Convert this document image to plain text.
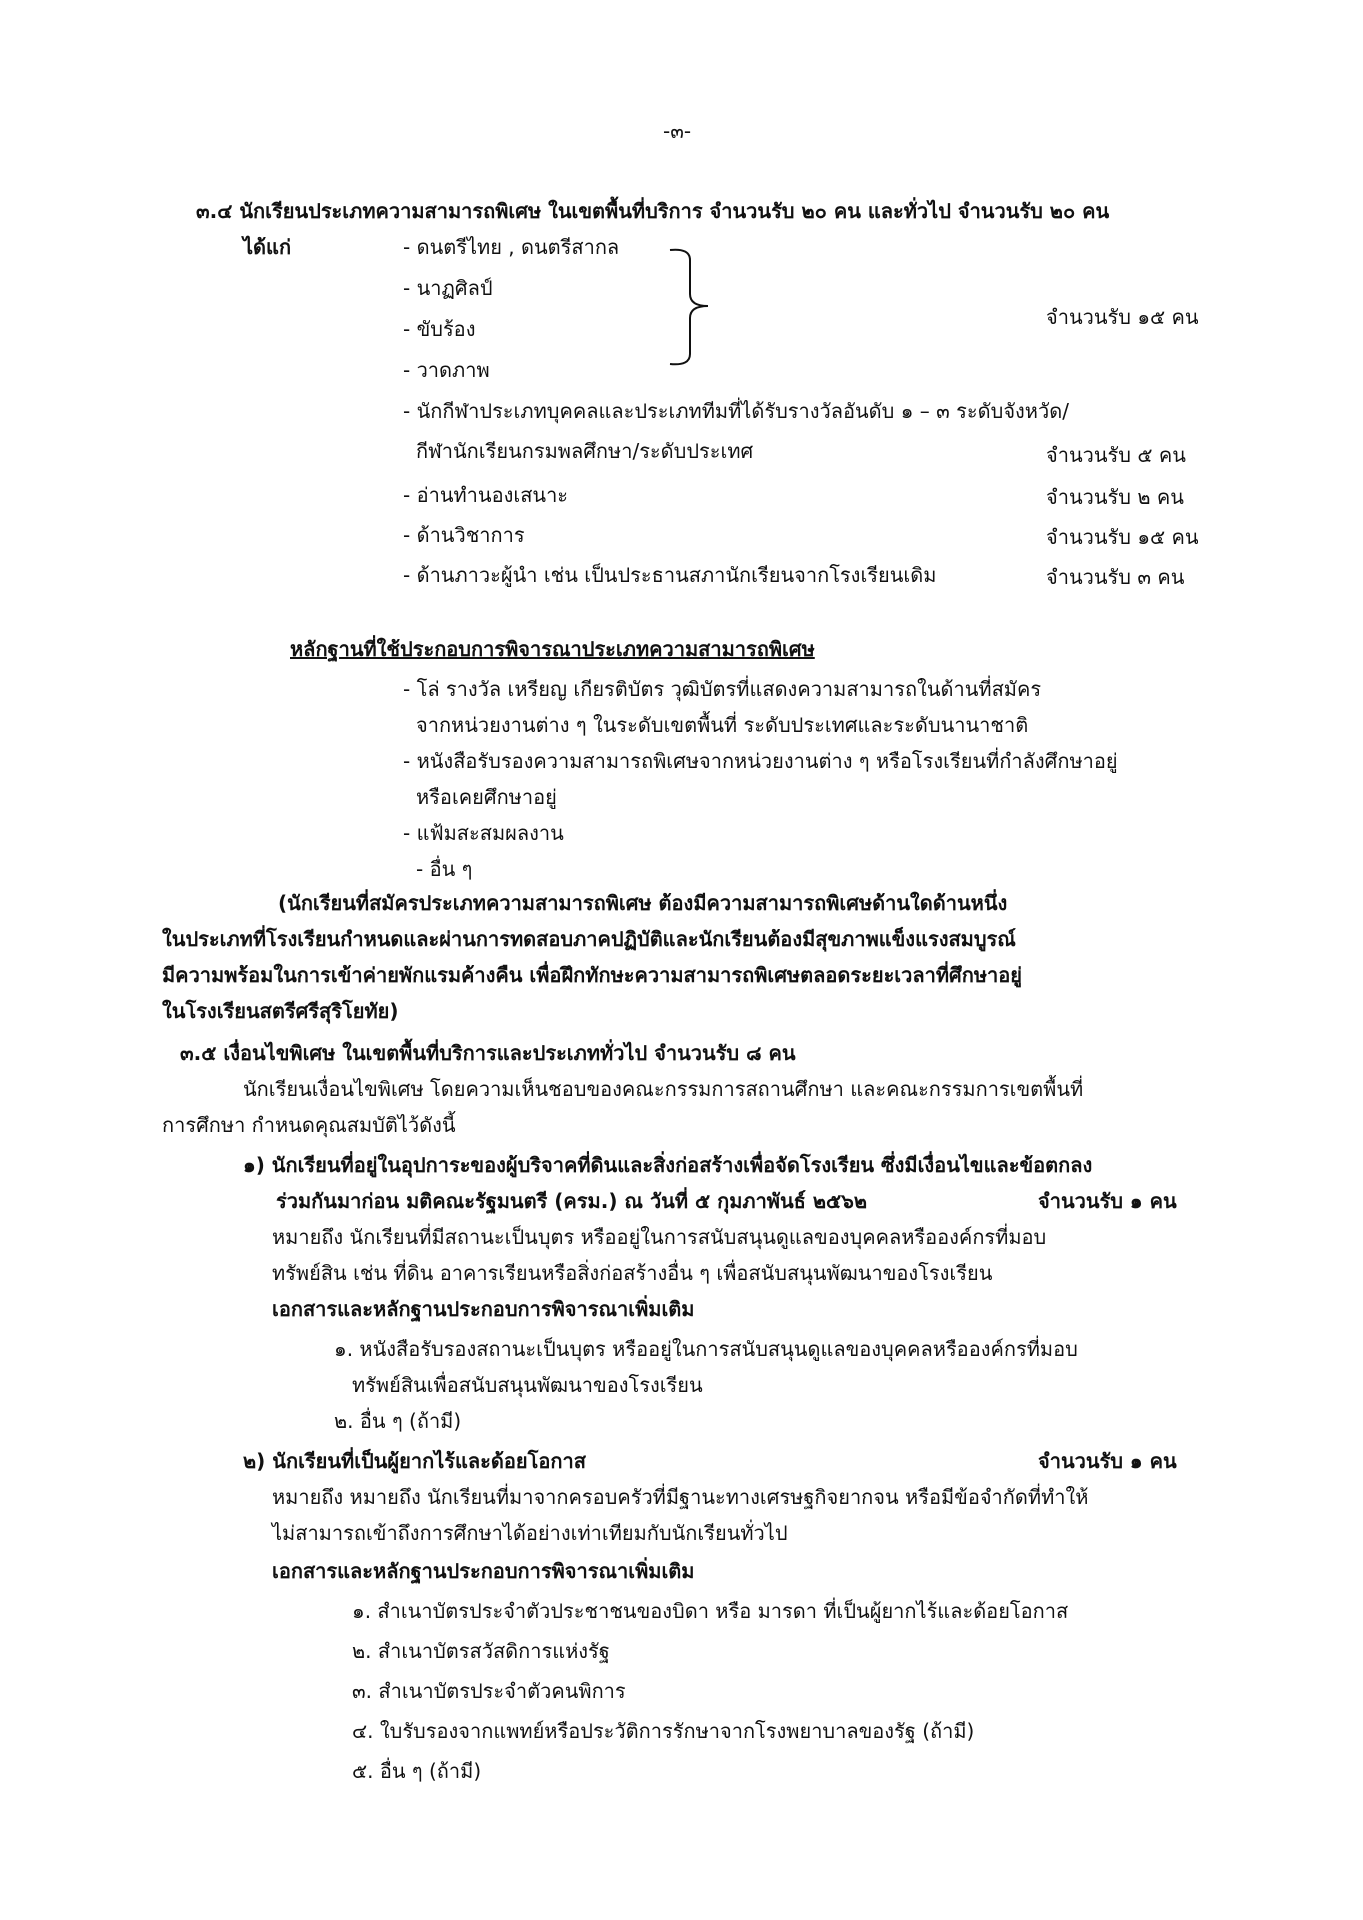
-๓-
๓.๔ นักเรียนประเภทความสามารถพิเศษ ในเขตพื้นที่บริการ จำนวนรับ ๒๐ คน และทั่วไป จำนวนรับ ๒๐ คน
ได้แก่	- ดนตรีไทย , ดนตรีสากล
- นาฏศิลป์
- ขับร้อง
- วาดภาพ
จำนวนรับ ๑๕ คน
- นักกีฬาประเภทบุคคลและประเภททีมที่ได้รับรางวัลอันดับ ๑ – ๓ ระดับจังหวัด/
กีฬานักเรียนกรมพลศึกษา/ระดับประเทศ	จำนวนรับ ๕ คน
- อ่านทำนองเสนาะ	จำนวนรับ ๒ คน
- ด้านวิชาการ	จำนวนรับ ๑๕ คน
- ด้านภาวะผู้นำ เช่น เป็นประธานสภานักเรียนจากโรงเรียนเดิม	จำนวนรับ ๓ คน
หลักฐานที่ใช้ประกอบการพิจารณาประเภทความสามารถพิเศษ
- โล่ รางวัล เหรียญ เกียรติบัตร วุฒิบัตรที่แสดงความสามารถในด้านที่สมัคร
จากหน่วยงานต่าง ๆ ในระดับเขตพื้นที่ ระดับประเทศและระดับนานาชาติ
- หนังสือรับรองความสามารถพิเศษจากหน่วยงานต่าง ๆ หรือโรงเรียนที่กำลังศึกษาอยู่
หรือเคยศึกษาอยู่
- แฟ้มสะสมผลงาน
- อื่น ๆ
(นักเรียนที่สมัครประเภทความสามารถพิเศษ ต้องมีความสามารถพิเศษด้านใดด้านหนึ่ง
ในประเภทที่โรงเรียนกำหนดและผ่านการทดสอบภาคปฏิบัติและนักเรียนต้องมีสุขภาพแข็งแรงสมบูรณ์
มีความพร้อมในการเข้าค่ายพักแรมค้างคืน เพื่อฝึกทักษะความสามารถพิเศษตลอดระยะเวลาที่ศึกษาอยู่
ในโรงเรียนสตรีศรีสุริโยทัย)
๓.๕ เงื่อนไขพิเศษ ในเขตพื้นที่บริการและประเภททั่วไป จำนวนรับ ๘ คน
นักเรียนเงื่อนไขพิเศษ โดยความเห็นชอบของคณะกรรมการสถานศึกษา และคณะกรรมการเขตพื้นที่
การศึกษา กำหนดคุณสมบัติไว้ดังนี้
๑) นักเรียนที่อยู่ในอุปการะของผู้บริจาคที่ดินและสิ่งก่อสร้างเพื่อจัดโรงเรียน ซึ่งมีเงื่อนไขและข้อตกลง
ร่วมกันมาก่อน มติคณะรัฐมนตรี (ครม.) ณ วันที่ ๕ กุมภาพันธ์ ๒๕๖๒	จำนวนรับ ๑ คน
หมายถึง นักเรียนที่มีสถานะเป็นบุตร หรืออยู่ในการสนับสนุนดูแลของบุคคลหรือองค์กรที่มอบ
ทรัพย์สิน เช่น ที่ดิน อาคารเรียนหรือสิ่งก่อสร้างอื่น ๆ เพื่อสนับสนุนพัฒนาของโรงเรียน
เอกสารและหลักฐานประกอบการพิจารณาเพิ่มเติม
๑. หนังสือรับรองสถานะเป็นบุตร หรืออยู่ในการสนับสนุนดูแลของบุคคลหรือองค์กรที่มอบ
ทรัพย์สินเพื่อสนับสนุนพัฒนาของโรงเรียน
๒. อื่น ๆ (ถ้ามี)
๒) นักเรียนที่เป็นผู้ยากไร้และด้อยโอกาส	จำนวนรับ ๑ คน
หมายถึง หมายถึง นักเรียนที่มาจากครอบครัวที่มีฐานะทางเศรษฐกิจยากจน หรือมีข้อจำกัดที่ทำให้
ไม่สามารถเข้าถึงการศึกษาได้อย่างเท่าเทียมกับนักเรียนทั่วไป
เอกสารและหลักฐานประกอบการพิจารณาเพิ่มเติม
๑. สำเนาบัตรประจำตัวประชาชนของบิดา หรือ มารดา ที่เป็นผู้ยากไร้และด้อยโอกาส
๒. สำเนาบัตรสวัสดิการแห่งรัฐ
๓. สำเนาบัตรประจำตัวคนพิการ
๔. ใบรับรองจากแพทย์หรือประวัติการรักษาจากโรงพยาบาลของรัฐ (ถ้ามี)
๕. อื่น ๆ (ถ้ามี)
